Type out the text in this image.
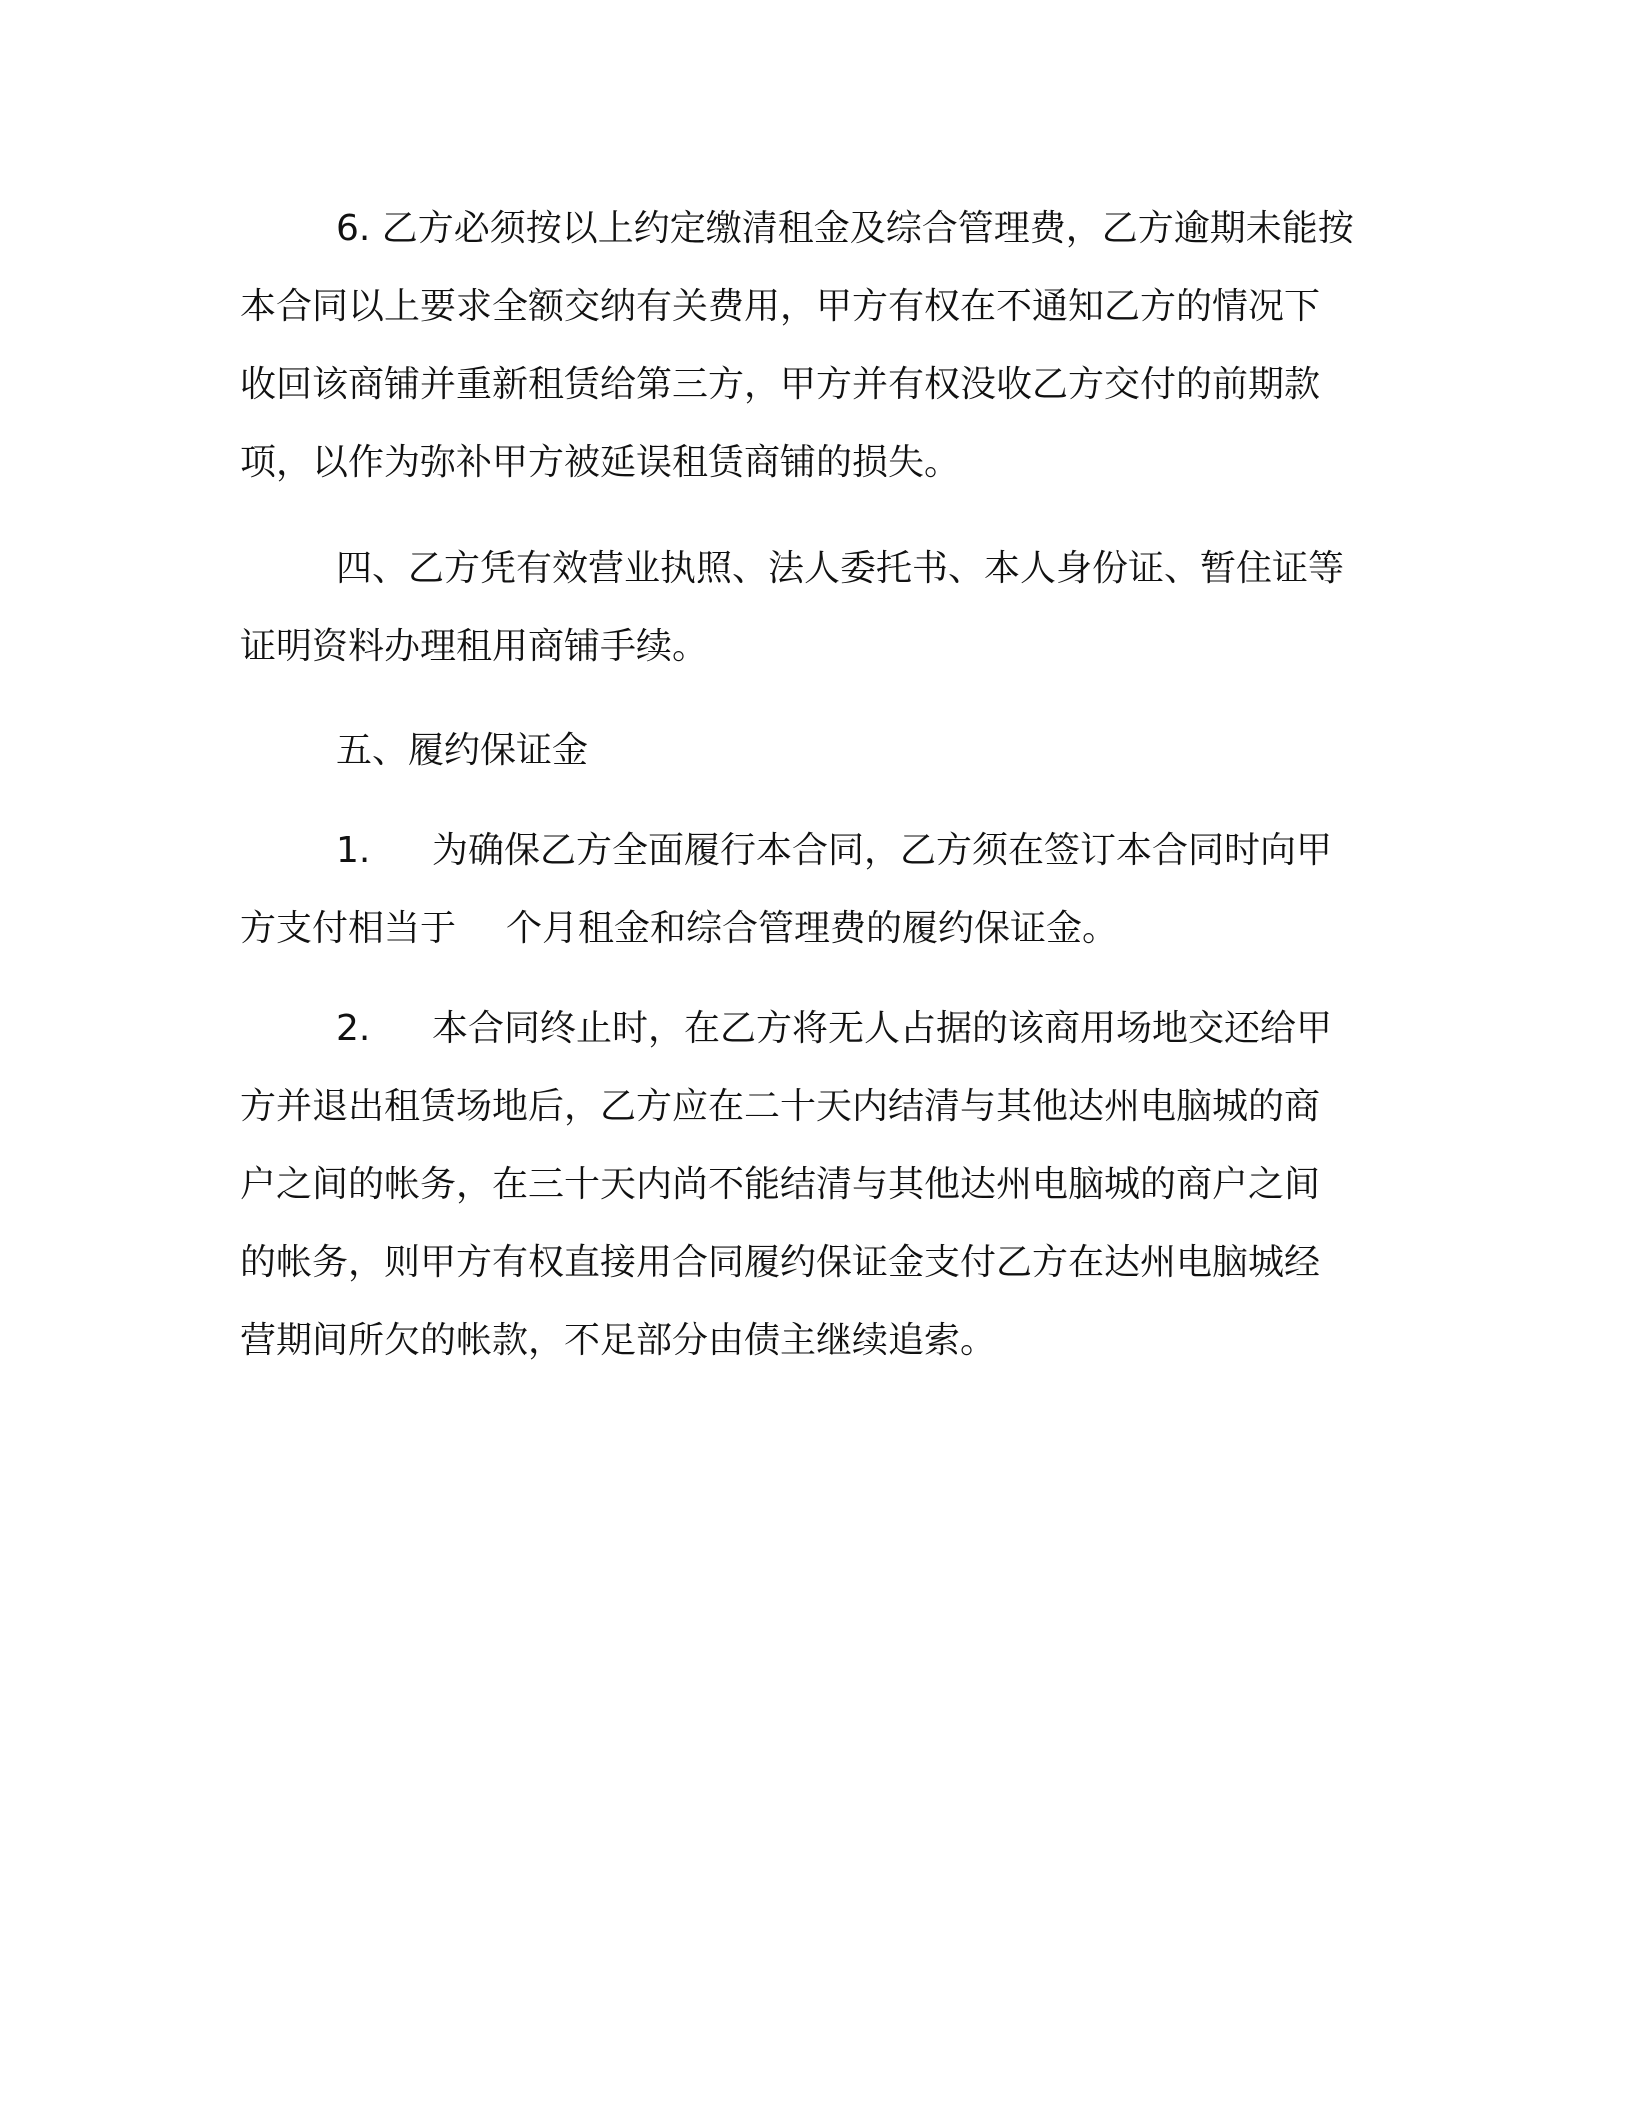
6. 乙方必须按以上约定缴清租金及综合管理费，乙方逾期未能按
本合同以上要求全额交纳有关费用，甲方有权在不通知乙方的情况下
收回该商铺并重新租赁给第三方，甲方并有权没收乙方交付的前期款
项，以作为弥补甲方被延误租赁商铺的损失。
四、乙方凭有效营业执照、法人委托书、本人身份证、暂住证等
证明资料办理租用商铺手续。
五、履约保证金
1. 为确保乙方全面履行本合同，乙方须在签订本合同时向甲
方支付相当于 个月租金和综合管理费的履约保证金。
2. 本合同终止时，在乙方将无人占据的该商用场地交还给甲
方并退出租赁场地后，乙方应在二十天内结清与其他达州电脑城的商
户之间的帐务，在三十天内尚不能结清与其他达州电脑城的商户之间
的帐务，则甲方有权直接用合同履约保证金支付乙方在达州电脑城经
营期间所欠的帐款，不足部分由债主继续追索。
